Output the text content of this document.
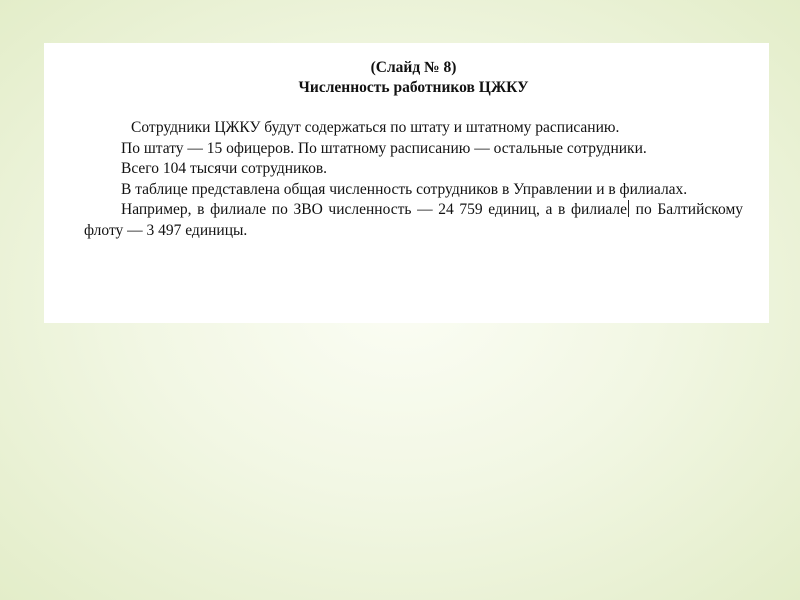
(Слайд № 8)

Численность работников ЦЖКУ

Сотрудники ЦЖКУ будут содержаться по штату и штатному расписанию.

По штату — 15 офицеров. По штатному расписанию — остальные сотрудники.

Всего 104 тысячи сотрудников.

В таблице представлена общая численность сотрудников в Управлении и в филиалах.

Например, в филиале по ЗВО численность — 24 759 единиц, а в филиале по Балтийскому флоту — 3 497 единицы.
